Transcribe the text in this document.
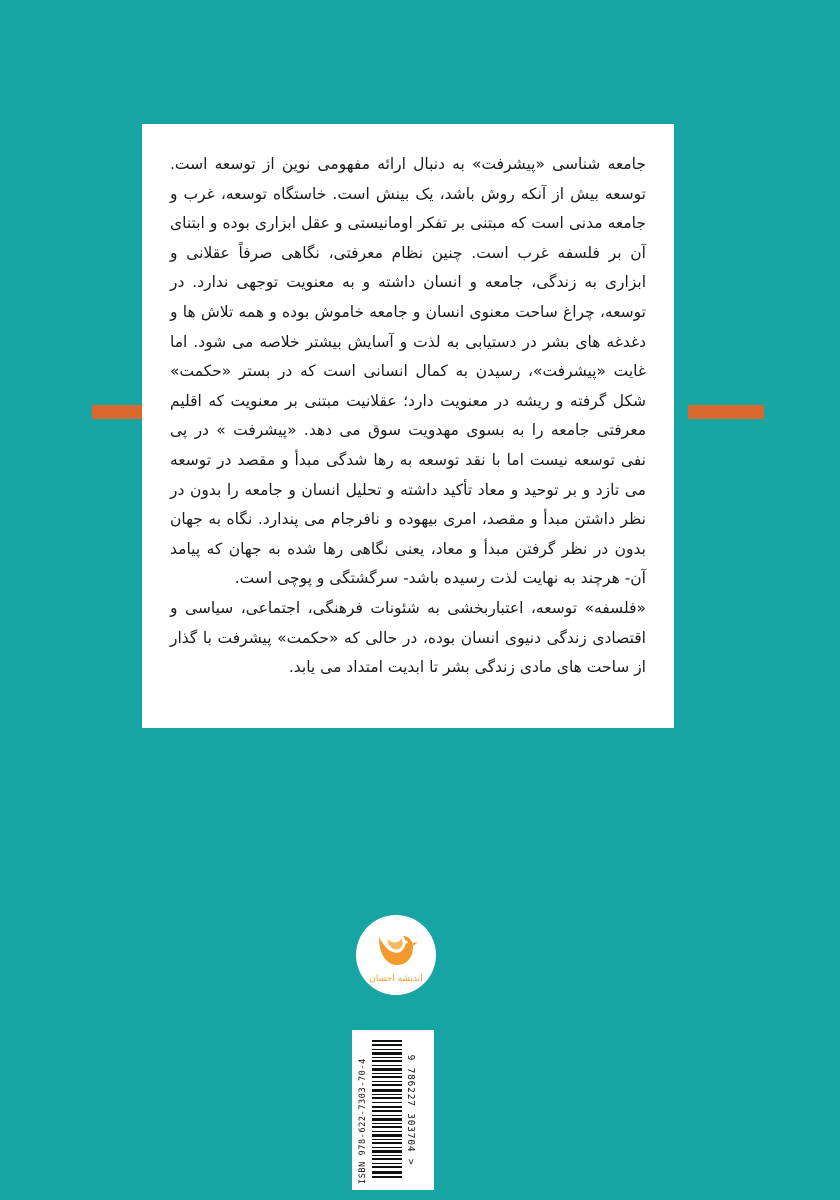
جامعه شناسی «پیشرفت» به دنبال ارائه مفهومی نوین از توسعه است. توسعه بیش از آنکه روش باشد، یک بینش است. خاستگاه توسعه، غرب و جامعه مدنی است که مبتنی بر تفکر اومانیستی و عقل ابزاری بوده و ابتنای آن بر فلسفه غرب است. چنین نظام معرفتی، نگاهی صرفاً عقلانی و ابزاری به زندگی، جامعه و انسان داشته و به معنویت توجهی ندارد. در توسعه، چراغ ساحت معنوی انسان و جامعه خاموش بوده و همه تلاش ها و دغدغه های بشر در دستیابی به لذت و آسایش بیشتر خلاصه می شود. اما غایت «پیشرفت»، رسیدن به کمال انسانی است که در بستر «حکمت» شکل گرفته و ریشه در معنویت دارد؛ عقلانیت مبتنی بر معنویت که اقلیم معرفتی جامعه را به بسوی مهدویت سوق می دهد. «پیشرفت » در پی نفی توسعه نیست اما با نقد توسعه به رها شدگی مبدأ و مقصد در توسعه می تازد و بر توحید و معاد تأکید داشته و تحلیل انسان و جامعه را بدون در نظر داشتن مبدأ و مقصد، امری بیهوده و نافرجام می پندارد. نگاه به جهان بدون در نظر گرفتن مبدأ و معاد، یعنی نگاهی رها شده به جهان که پیامد آن- هرچند به نهایت لذت رسیده باشد- سرگشتگی و پوچی است.

«فلسفه» توسعه، اعتباربخشی به شئونات فرهنگی، اجتماعی، سیاسی و اقتصادی زندگی دنیوی انسان بوده، در حالی که «حکمت» پیشرفت با گذار از ساحت های مادی زندگی بشر تا ابدیت امتداد می یابد.

اندیشه احسان
ISBN 978-622-7303-70-4	9 786227 303704 >
